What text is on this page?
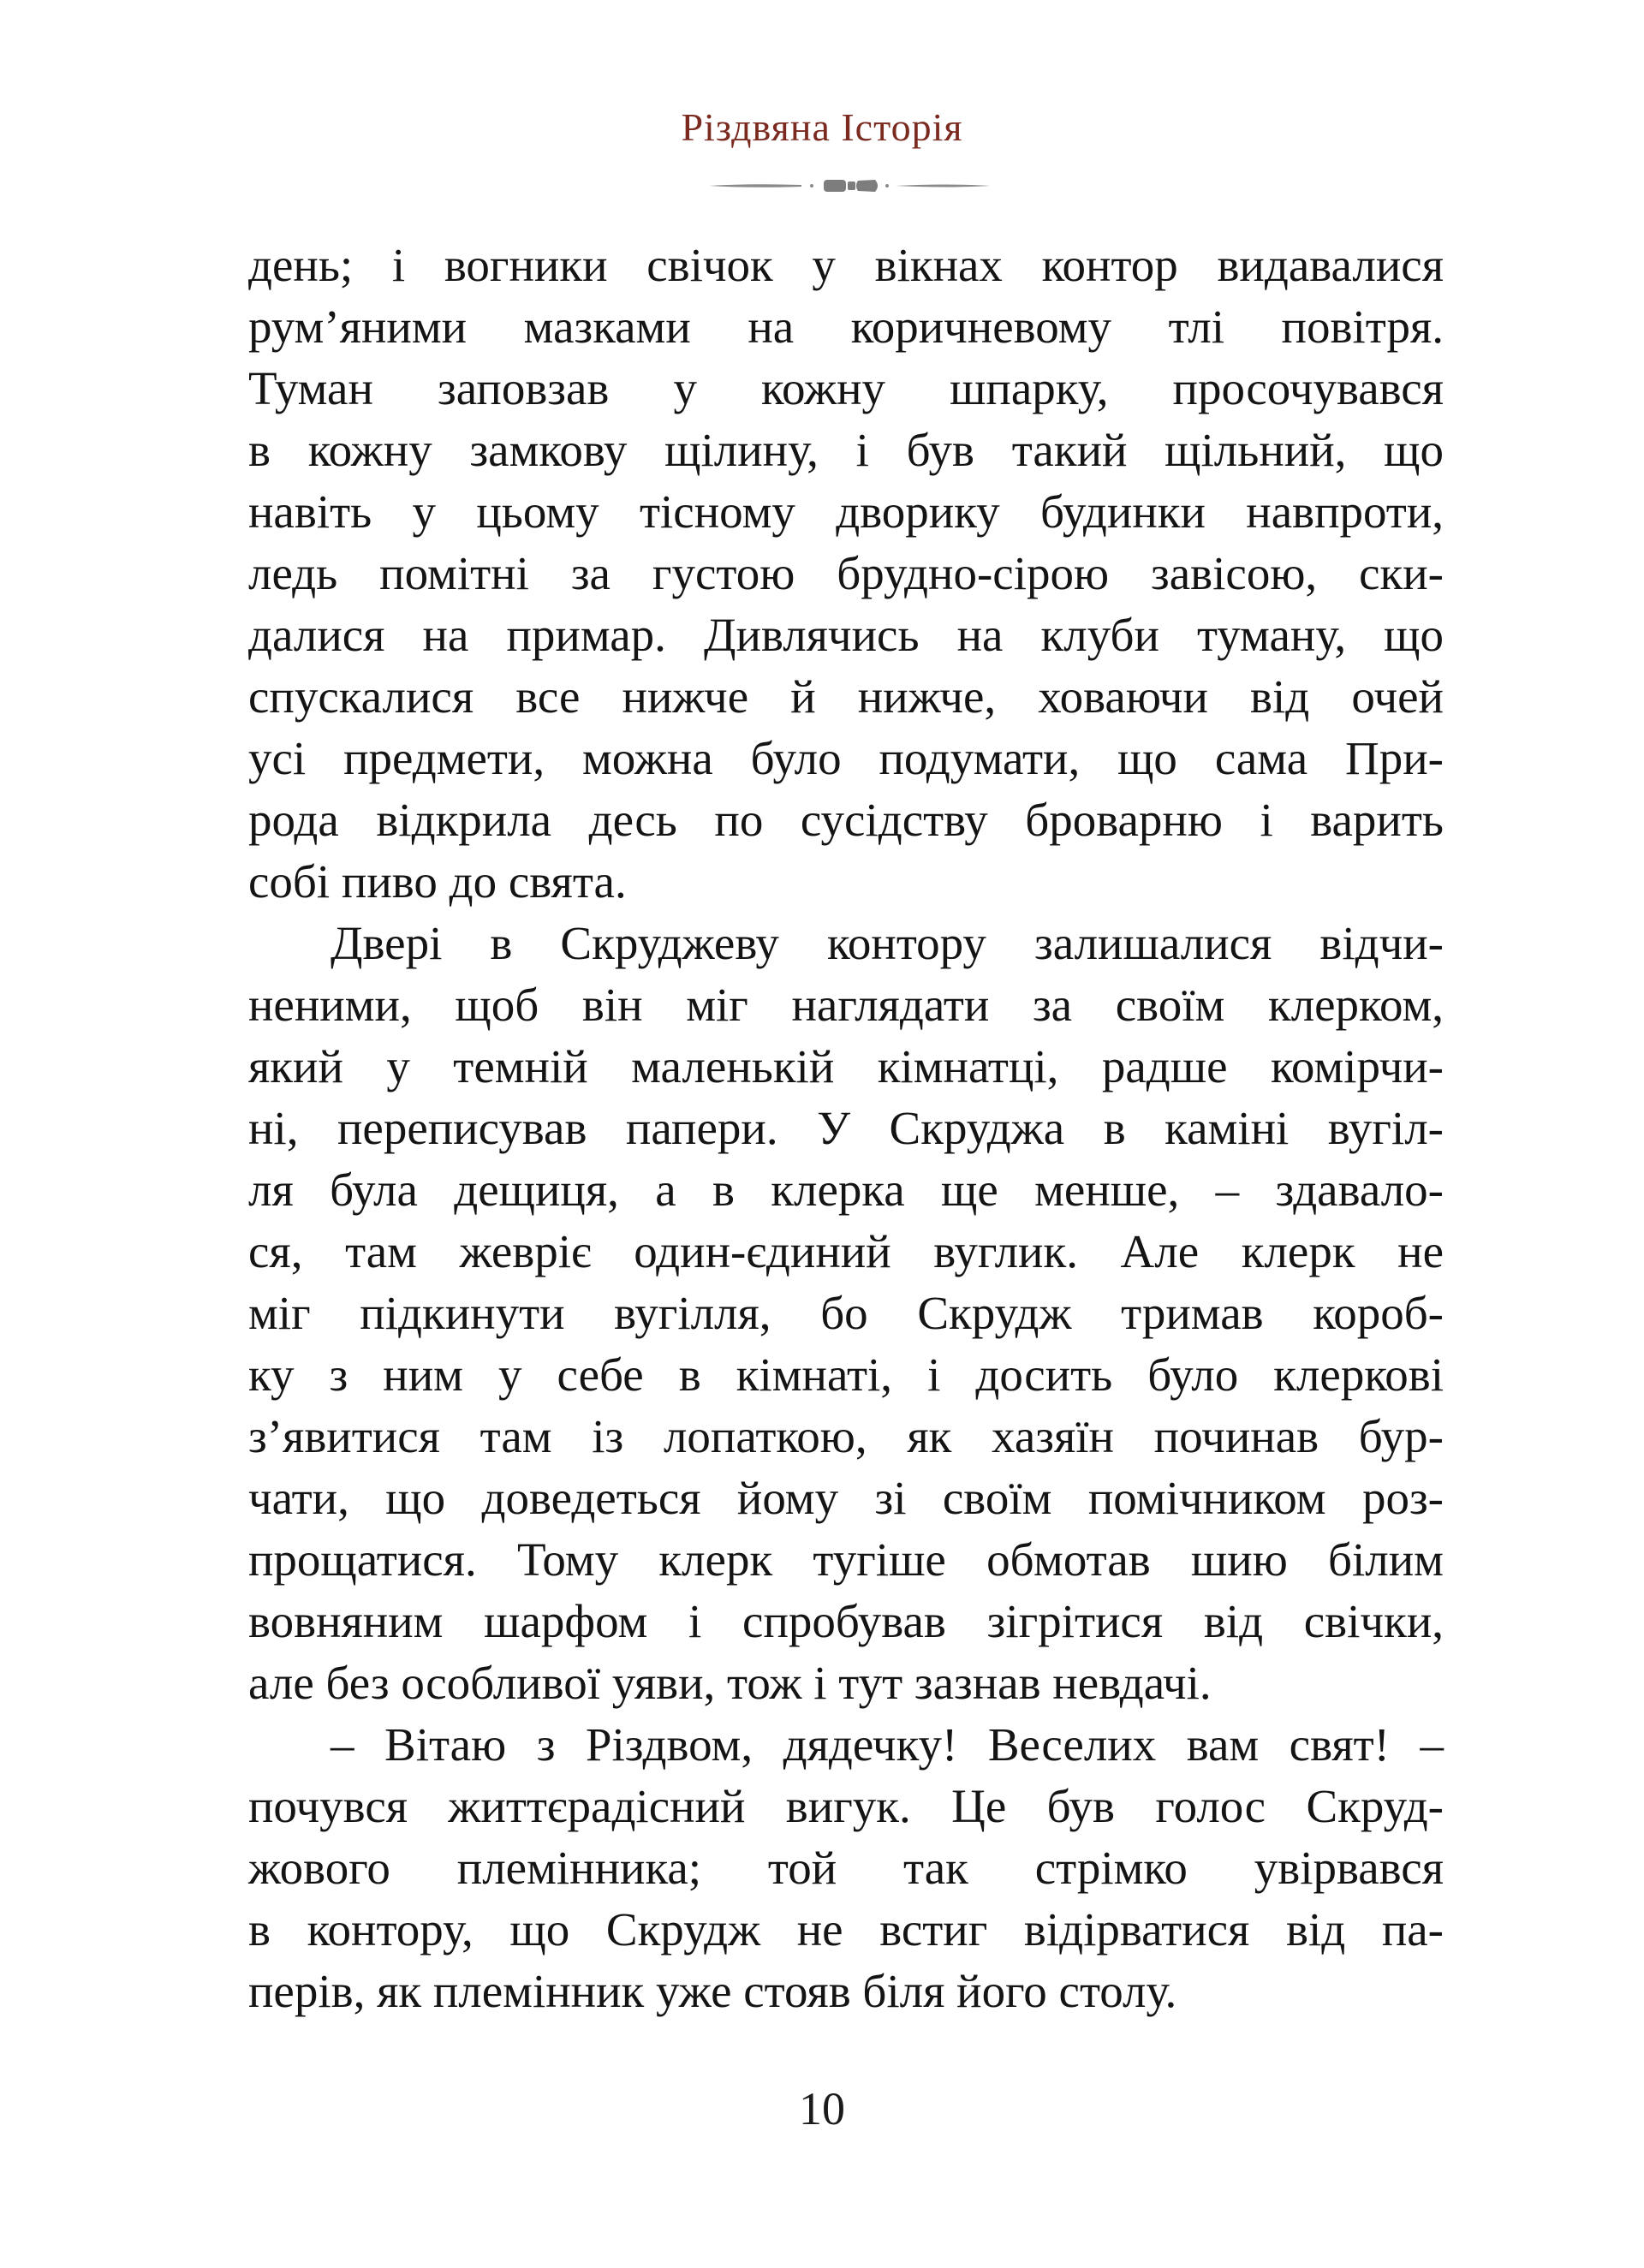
Різдвяна Історія
день; і вогники свічок у вікнах контор видавалися
рум’яними мазками на коричневому тлі повітря.
Туман заповзав у кожну шпарку, просочувався
в кожну замкову щілину, і був такий щільний, що
навіть у цьому тісному дворику будинки навпроти,
ледь помітні за густою брудно-сірою завісою, ски-
далися на примар. Дивлячись на клуби туману, що
спускалися все нижче й нижче, ховаючи від очей
усі предмети, можна було подумати, що сама При-
рода відкрила десь по сусідству броварню і варить
собі пиво до свята.
Двері в Скруджеву контору залишалися відчи-
неними, щоб він міг наглядати за своїм клерком,
який у темній маленькій кімнатці, радше комірчи-
ні, переписував папери. У Скруджа в каміні вугіл-
ля була дещиця, а в клерка ще менше, – здавало-
ся, там жевріє один-єдиний вуглик. Але клерк не
міг підкинути вугілля, бо Скрудж тримав короб-
ку з ним у себе в кімнаті, і досить було клеркові
з’явитися там із лопаткою, як хазяїн починав бур-
чати, що доведеться йому зі своїм помічником роз-
прощатися. Тому клерк тугіше обмотав шию білим
вовняним шарфом і спробував зігрітися від свічки,
але без особливої уяви, тож і тут зазнав невдачі.
– Вітаю з Різдвом, дядечку! Веселих вам свят! –
почувся життєрадісний вигук. Це був голос Скруд-
жового племінника; той так стрімко увірвався
в контору, що Скрудж не встиг відірватися від па-
перів, як племінник уже стояв біля його столу.
10
